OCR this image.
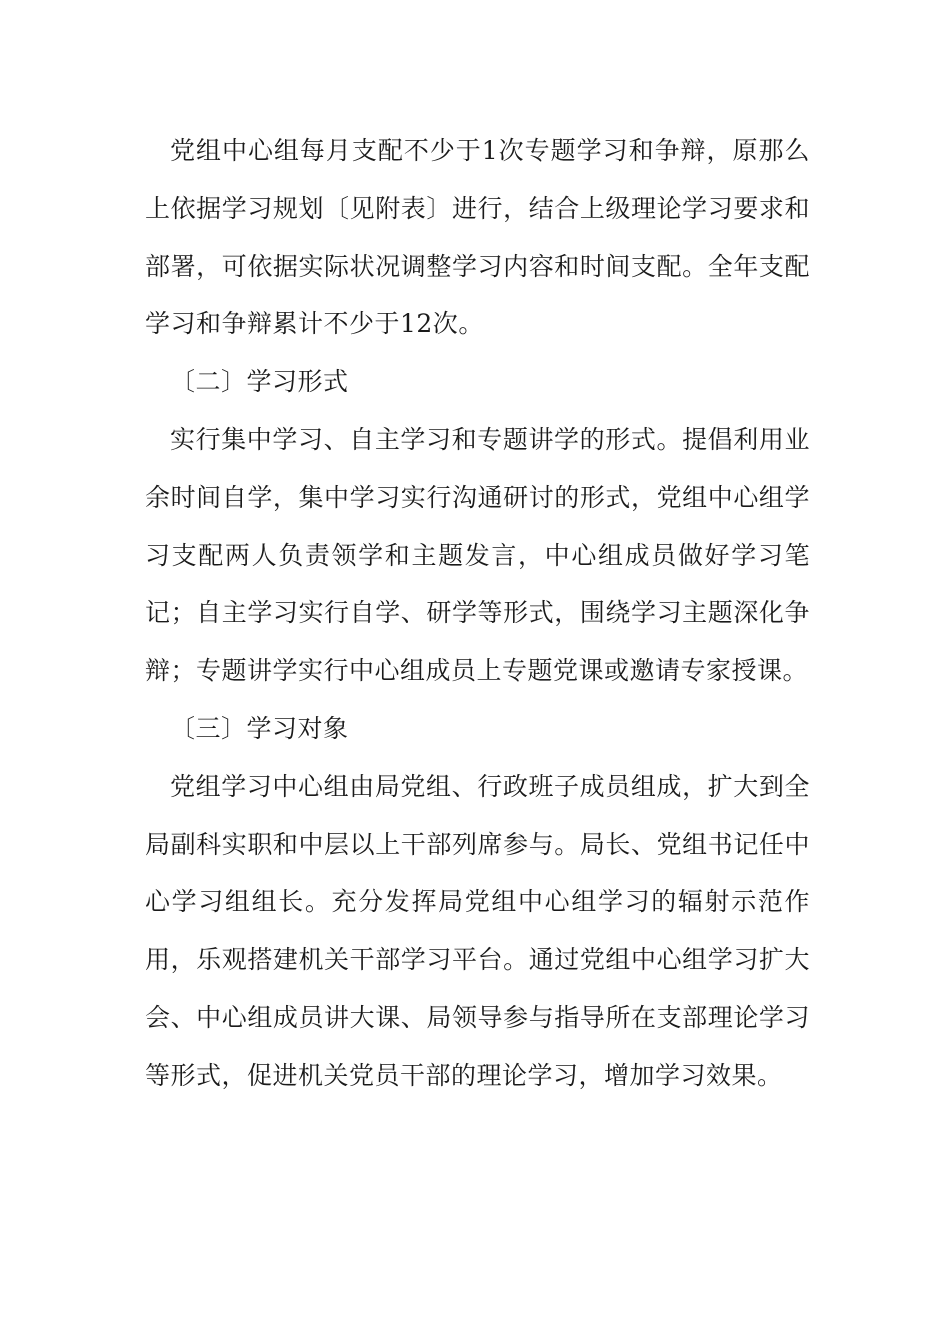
党组中心组每月支配不少于1次专题学习和争辩，原那么上依据学习规划〔见附表〕进行，结合上级理论学习要求和部署，可依据实际状况调整学习内容和时间支配。全年支配学习和争辩累计不少于12次。

〔二〕学习形式

实行集中学习、自主学习和专题讲学的形式。提倡利用业余时间自学，集中学习实行沟通研讨的形式，党组中心组学习支配两人负责领学和主题发言，中心组成员做好学习笔记；自主学习实行自学、研学等形式，围绕学习主题深化争辩；专题讲学实行中心组成员上专题党课或邀请专家授课。

〔三〕学习对象

党组学习中心组由局党组、行政班子成员组成，扩大到全局副科实职和中层以上干部列席参与。局长、党组书记任中心学习组组长。充分发挥局党组中心组学习的辐射示范作用，乐观搭建机关干部学习平台。通过党组中心组学习扩大会、中心组成员讲大课、局领导参与指导所在支部理论学习等形式，促进机关党员干部的理论学习，增加学习效果。
